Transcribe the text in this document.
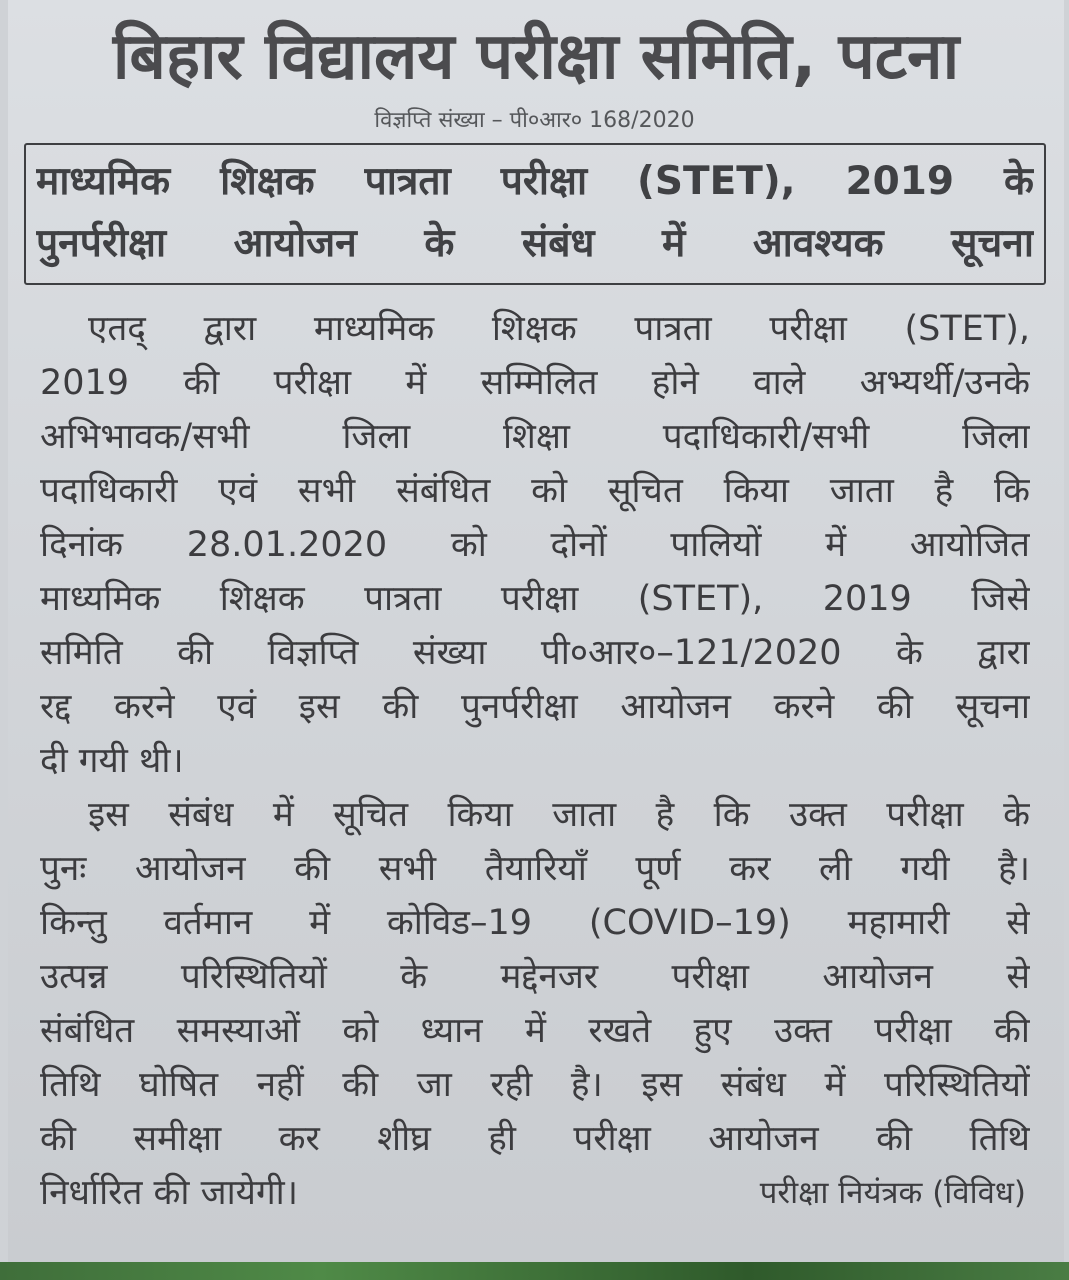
बिहार विद्यालय परीक्षा समिति, पटना
विज्ञप्ति संख्या – पी०आर० 168/2020
माध्यमिक शिक्षक पात्रता परीक्षा (STET), 2019 के
पुनर्परीक्षा आयोजन के संबंध में आवश्यक सूचना
एतद् द्वारा माध्यमिक शिक्षक पात्रता परीक्षा (STET),
2019 की परीक्षा में सम्मिलित होने वाले अभ्यर्थी/उनके
अभिभावक/सभी जिला शिक्षा पदाधिकारी/सभी जिला
पदाधिकारी एवं सभी संबंधित को सूचित किया जाता है कि
दिनांक 28.01.2020 को दोनों पालियों में आयोजित
माध्यमिक शिक्षक पात्रता परीक्षा (STET), 2019 जिसे
समिति की विज्ञप्ति संख्या पी०आर०–121/2020 के द्वारा
रद्द करने एवं इस की पुनर्परीक्षा आयोजन करने की सूचना
दी गयी थी।
इस संबंध में सूचित किया जाता है कि उक्त परीक्षा के
पुनः आयोजन की सभी तैयारियाँ पूर्ण कर ली गयी है।
किन्तु वर्तमान में कोविड–19 (COVID–19) महामारी से
उत्पन्न परिस्थितियों के मद्देनजर परीक्षा आयोजन से
संबंधित समस्याओं को ध्यान में रखते हुए उक्त परीक्षा की
तिथि घोषित नहीं की जा रही है। इस संबंध में परिस्थितियों
की समीक्षा कर शीघ्र ही परीक्षा आयोजन की तिथि
निर्धारित की जायेगी।	परीक्षा नियंत्रक (विविध)
